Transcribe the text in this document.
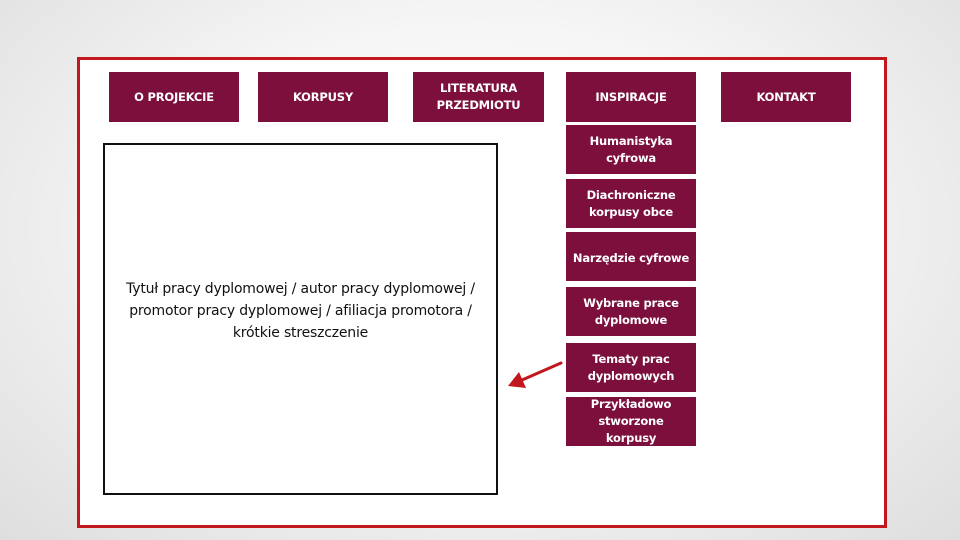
O PROJEKCIE	KORPUSY
LITERATURA PRZEDMIOTU
INSPIRACJE	KONTAKT
Humanistyka cyfrowa
Diachroniczne korpusy obce
Narzędzie cyfrowe
Wybrane prace dyplomowe
Tematy prac dyplomowych
Przykładowo stworzone korpusy
Tytuł pracy dyplomowej / autor pracy dyplomowej / promotor pracy dyplomowej / afiliacja promotora / krótkie streszczenie
